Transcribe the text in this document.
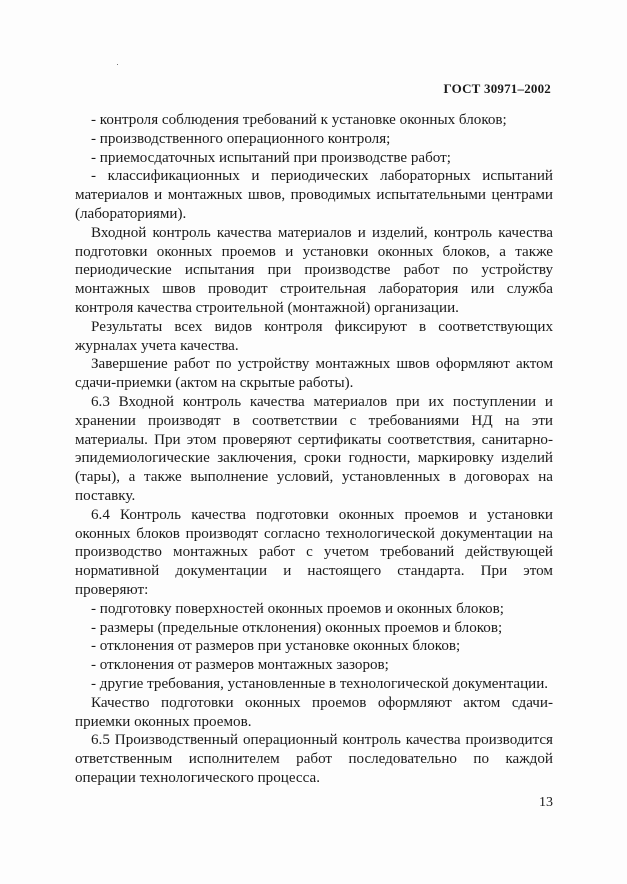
ГОСТ 30971–2002

- контроля соблюдения требований к установке оконных блоков;

- производственного операционного контроля;

- приемосдаточных испытаний при производстве работ;

- классификационных и периодических лабораторных испытаний материалов и монтажных швов, проводимых испытательными центрами (лабораториями).

Входной контроль качества материалов и изделий, контроль качества подготовки оконных проемов и установки оконных блоков, а также периодические испытания при производстве работ по устройству монтажных швов проводит строительная лаборатория или служба контроля качества строительной (монтажной) организации.

Результаты всех видов контроля фиксируют в соответствующих журналах учета качества.

Завершение работ по устройству монтажных швов оформляют актом сдачи-приемки (актом на скрытые работы).

6.3 Входной контроль качества материалов при их поступлении и хранении производят в соответствии с требованиями НД на эти материалы. При этом проверяют сертификаты соответствия, санитарно-эпидемиологические заключения, сроки годности, маркировку изделий (тары), а также выполнение условий, установленных в договорах на поставку.

6.4 Контроль качества подготовки оконных проемов и установки оконных блоков производят согласно технологической документации на производство монтажных работ с учетом требований действующей нормативной документации и настоящего стандарта. При этом проверяют:

- подготовку поверхностей оконных проемов и оконных блоков;

- размеры (предельные отклонения) оконных проемов и блоков;

- отклонения от размеров при установке оконных блоков;

- отклонения от размеров монтажных зазоров;

- другие требования, установленные в технологической документации.

Качество подготовки оконных проемов оформляют актом сдачи-приемки оконных проемов.

6.5 Производственный операционный контроль качества производится ответственным исполнителем работ последовательно по каждой операции технологического процесса.

13
